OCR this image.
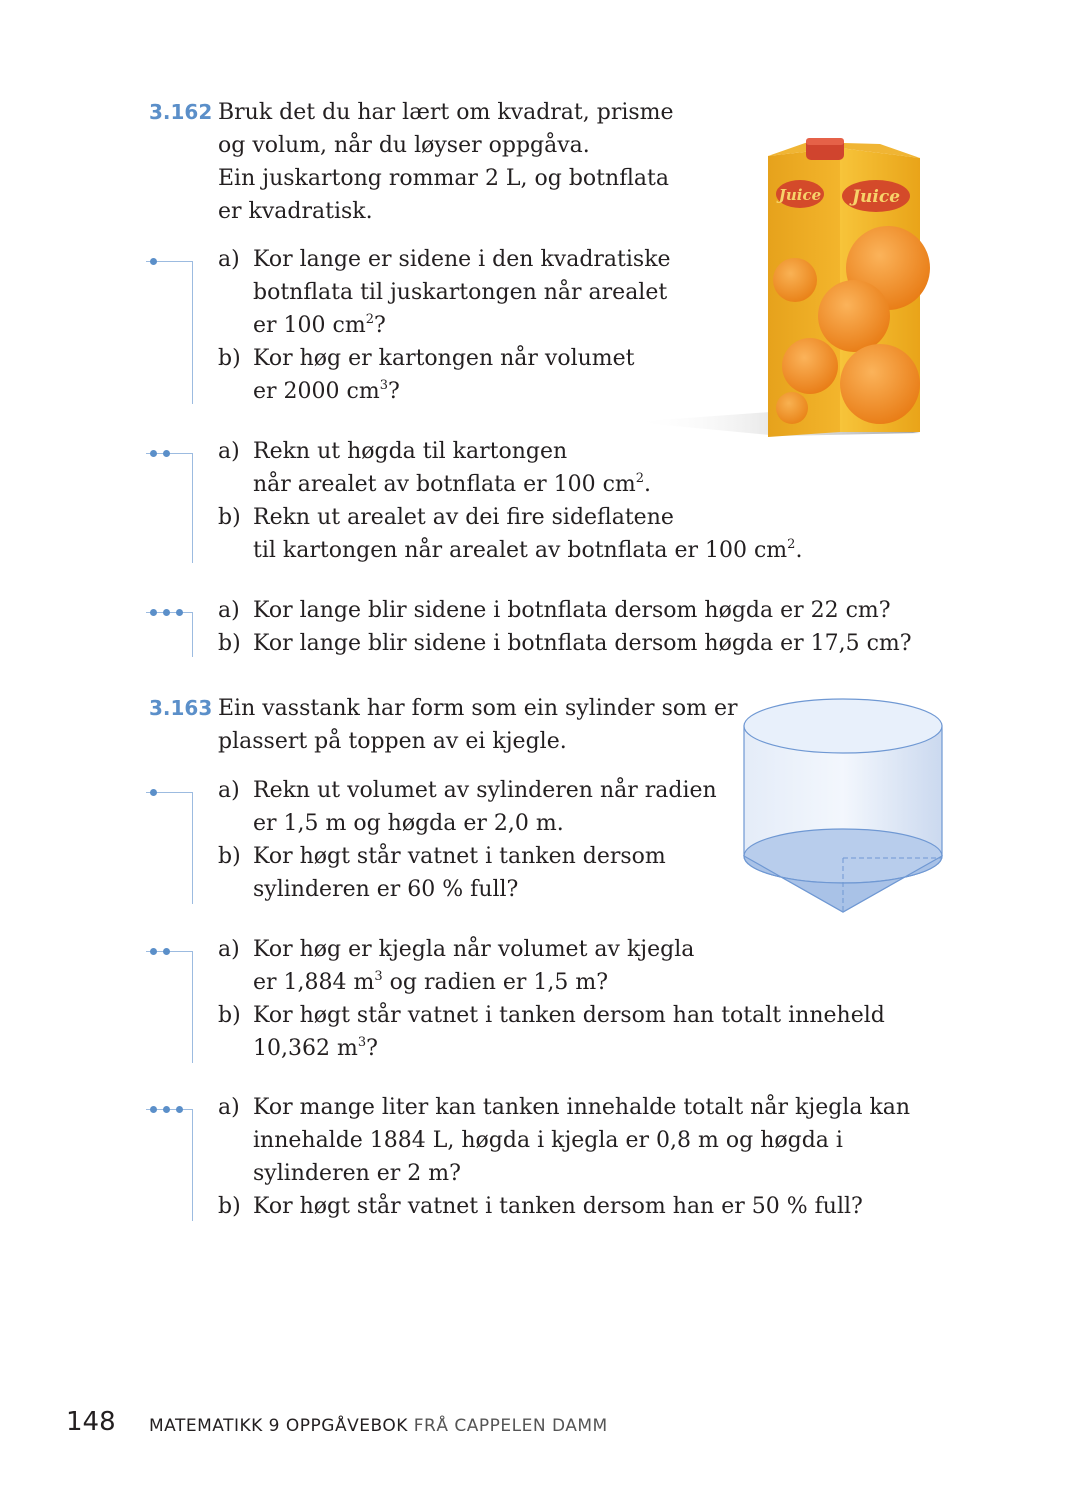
3.162 Bruk det du har lært om kvadrat, prisme
og volum, når du løyser oppgåva.
Ein juskartong rommar 2 L, og botnflata
er kvadratisk.
a) Kor lange er sidene i den kvadratiske
botnflata til juskartongen når arealet
er 100 $cm^2$?
b) Kor høg er kartongen når volumet
er 2000 $cm^3$?
a) Rekn ut høgda til kartongen
når arealet av botnflata er 100 $cm^2$.
b) Rekn ut arealet av dei fire sideflatene
til kartongen når arealet av botnflata er 100 $cm^2$.
a) Kor lange blir sidene i botnflata dersom høgda er 22 cm?
b) Kor lange blir sidene i botnflata dersom høgda er 17,5 cm?
Juice Juice
3.163 Ein vasstank har form som ein sylinder som er
plassert på toppen av ei kjegle.
a) Rekn ut volumet av sylinderen når radien
er 1,5 m og høgda er 2,0 m.
b) Kor høgt står vatnet i tanken dersom
sylinderen er 60 % full?
a) Kor høg er kjegla når volumet av kjegla
er 1,884 $m^3$ og radien er 1,5 m?
b) Kor høgt står vatnet i tanken dersom han totalt inneheld
10,362 $m^3$?
a) Kor mange liter kan tanken innehalde totalt når kjegla kan
innehalde 1884 L, høgda i kjegla er 0,8 m og høgda i
sylinderen er 2 m?
b) Kor høgt står vatnet i tanken dersom han er 50 % full?
148 MATEMATIKK 9 OPPGÅVEBOK FRÅ CAPPELEN DAMM
